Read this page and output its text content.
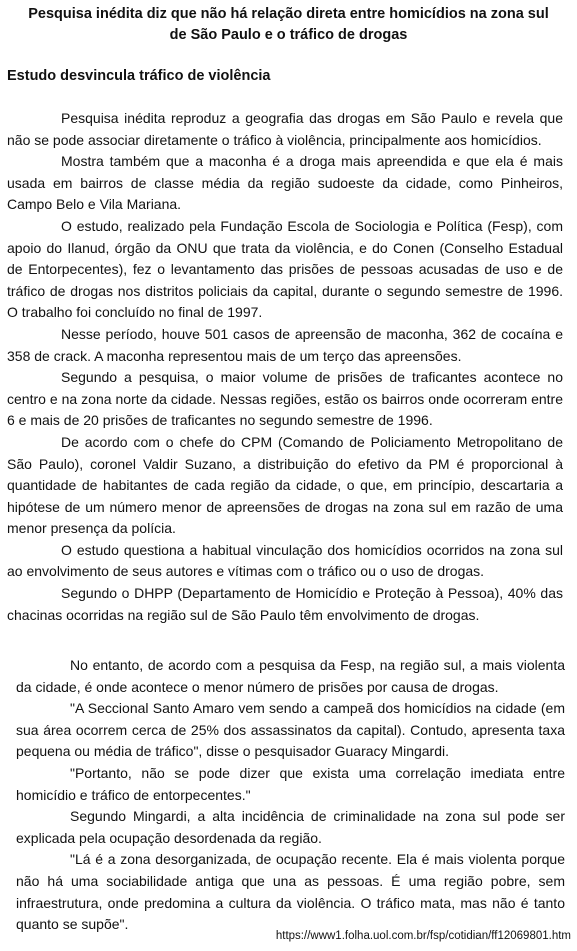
Pesquisa inédita diz que não há relação direta entre homicídios na zona sul
de São Paulo e o tráfico de drogas
Estudo desvincula tráfico de violência

Pesquisa inédita reproduz a geografia das drogas em São Paulo e revela que não se pode associar diretamente o tráfico à violência, principalmente aos homicídios.

Mostra também que a maconha é a droga mais apreendida e que ela é mais usada em bairros de classe média da região sudoeste da cidade, como Pinheiros, Campo Belo e Vila Mariana.

O estudo, realizado pela Fundação Escola de Sociologia e Política (Fesp), com apoio do Ilanud, órgão da ONU que trata da violência, e do Conen (Conselho Estadual de Entorpecentes), fez o levantamento das prisões de pessoas acusadas de uso e de tráfico de drogas nos distritos policiais da capital, durante o segundo semestre de 1996. O trabalho foi concluído no final de 1997.

Nesse período, houve 501 casos de apreensão de maconha, 362 de cocaína e 358 de crack. A maconha representou mais de um terço das apreensões.

Segundo a pesquisa, o maior volume de prisões de traficantes acontece no centro e na zona norte da cidade. Nessas regiões, estão os bairros onde ocorreram entre 6 e mais de 20 prisões de traficantes no segundo semestre de 1996.

De acordo com o chefe do CPM (Comando de Policiamento Metropolitano de São Paulo), coronel Valdir Suzano, a distribuição do efetivo da PM é proporcional à quantidade de habitantes de cada região da cidade, o que, em princípio, descartaria a hipótese de um número menor de apreensões de drogas na zona sul em razão de uma menor presença da polícia.

O estudo questiona a habitual vinculação dos homicídios ocorridos na zona sul ao envolvimento de seus autores e vítimas com o tráfico ou o uso de drogas.

Segundo o DHPP (Departamento de Homicídio e Proteção à Pessoa), 40% das chacinas ocorridas na região sul de São Paulo têm envolvimento de drogas.

No entanto, de acordo com a pesquisa da Fesp, na região sul, a mais violenta da cidade, é onde acontece o menor número de prisões por causa de drogas.

"A Seccional Santo Amaro vem sendo a campeã dos homicídios na cidade (em sua área ocorrem cerca de 25% dos assassinatos da capital). Contudo, apresenta taxa pequena ou média de tráfico", disse o pesquisador Guaracy Mingardi.

"Portanto, não se pode dizer que exista uma correlação imediata entre homicídio e tráfico de entorpecentes."

Segundo Mingardi, a alta incidência de criminalidade na zona sul pode ser explicada pela ocupação desordenada da região.

"Lá é a zona desorganizada, de ocupação recente. Ela é mais violenta porque não há uma sociabilidade antiga que una as pessoas. É uma região pobre, sem infraestrutura, onde predomina a cultura da violência. O tráfico mata, mas não é tanto quanto se supõe".

https://www1.folha.uol.com.br/fsp/cotidian/ff12069801.htm
